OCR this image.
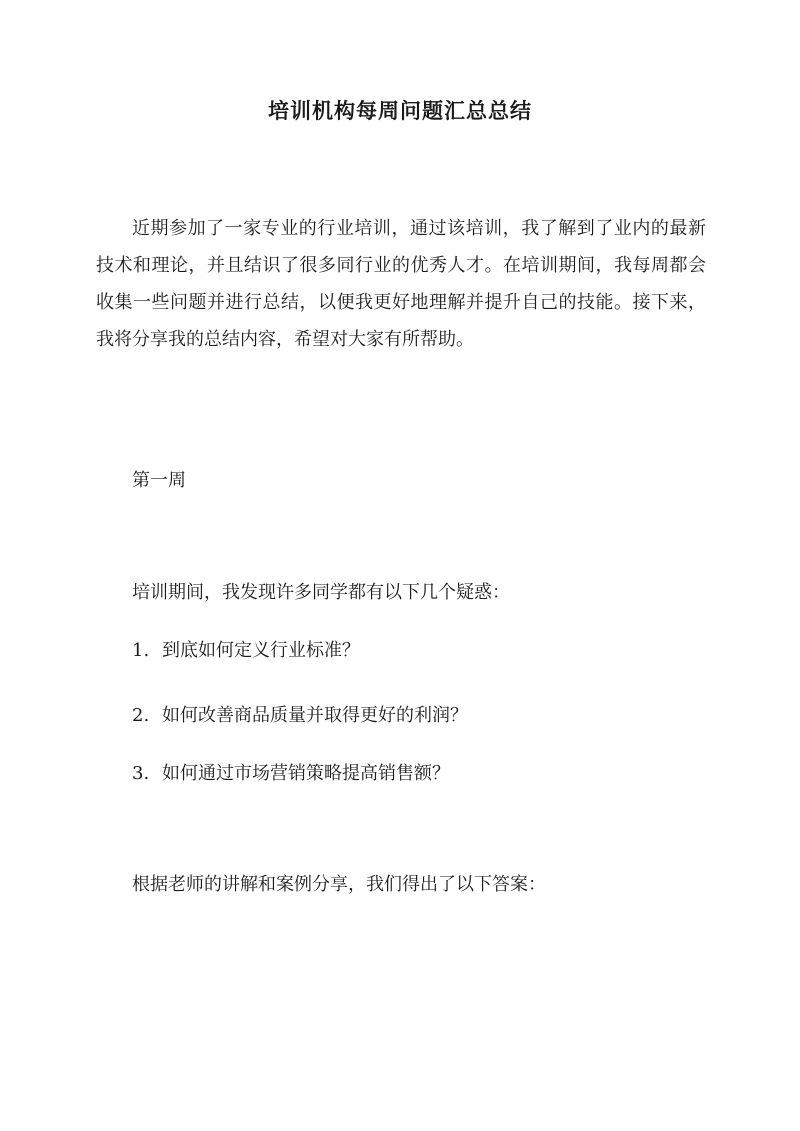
培训机构每周问题汇总总结

近期参加了一家专业的行业培训，通过该培训，我了解到了业内的最新技术和理论，并且结识了很多同行业的优秀人才。在培训期间，我每周都会收集一些问题并进行总结，以便我更好地理解并提升自己的技能。接下来，我将分享我的总结内容，希望对大家有所帮助。

第一周
培训期间，我发现许多同学都有以下几个疑惑：
1. 到底如何定义行业标准？
2. 如何改善商品质量并取得更好的利润？
3. 如何通过市场营销策略提高销售额？
根据老师的讲解和案例分享，我们得出了以下答案：
